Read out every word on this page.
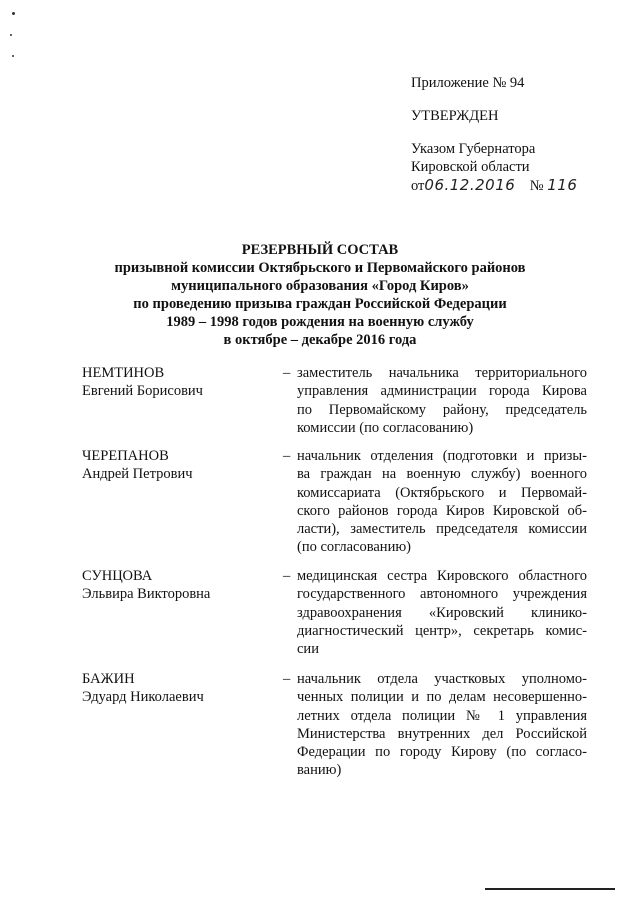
Приложение № 94
УТВЕРЖДЕН
Указом Губернатора
Кировской области
от06.12.2016 № 116
РЕЗЕРВНЫЙ СОСТАВ
призывной комиссии Октябрьского и Первомайского районов
муниципального образования «Город Киров»
по проведению призыва граждан Российской Федерации
1989 – 1998 годов рождения на военную службу
в октябре – декабре 2016 года
НЕМТИНОВ
Евгений Борисович
– заместитель начальника территориального
управления администрации города Кирова
по Первомайскому району, председатель
комиссии (по согласованию)
ЧЕРЕПАНОВ
Андрей Петрович
– начальник отделения (подготовки и призы-
ва граждан на военную службу) военного
комиссариата (Октябрьского и Первомай-
ского районов города Киров Кировской об-
ласти), заместитель председателя комиссии
(по согласованию)
СУНЦОВА
Эльвира Викторовна
– медицинская сестра Кировского областного
государственного автономного учреждения
здравоохранения «Кировский клинико-
диагностический центр», секретарь комис-
сии
БАЖИН
Эдуард Николаевич
– начальник отдела участковых уполномо-
ченных полиции и по делам несовершенно-
летних отдела полиции № 1 управления
Министерства внутренних дел Российской
Федерации по городу Кирову (по согласо-
ванию)
